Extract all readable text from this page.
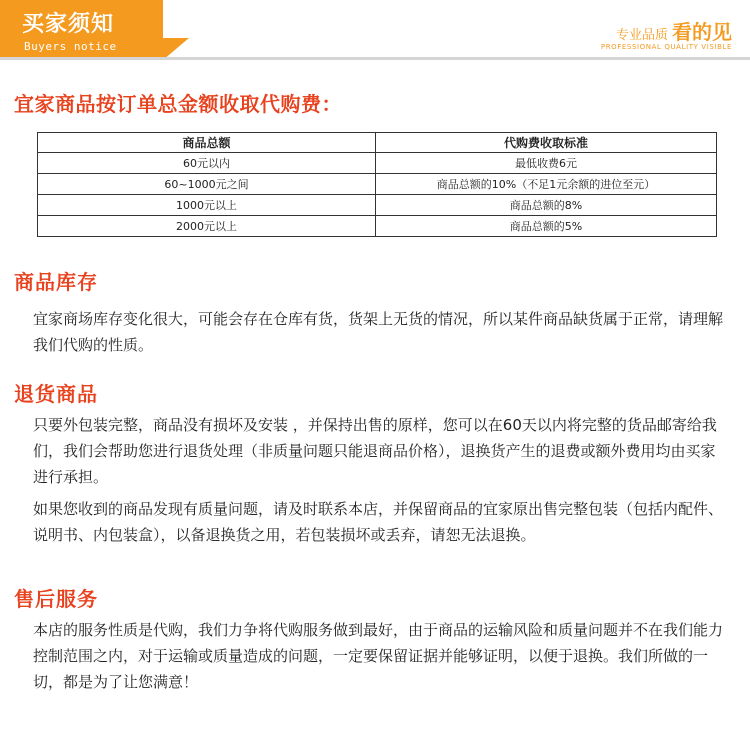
买家须知
Buyers notice
专业品质 看的见
PROFESSIONAL QUALITY VISIBLE
宜家商品按订单总金额收取代购费：
商品总额	代购费收取标准
60元以内	最低收费6元
60~1000元之间	商品总额的10%（不足1元余额的进位至元）
1000元以上	商品总额的8%
2000元以上	商品总额的5%
商品库存

宜家商场库存变化很大，可能会存在仓库有货，货架上无货的情况，所以某件商品缺货属于正常，请理解我们代购的性质。

退货商品

只要外包装完整，商品没有损坏及安装 ，并保持出售的原样，您可以在60天以内将完整的货品邮寄给我们，我们会帮助您进行退货处理（非质量问题只能退商品价格），退换货产生的退费或额外费用均由买家进行承担。

如果您收到的商品发现有质量问题，请及时联系本店，并保留商品的宜家原出售完整包装（包括内配件、说明书、内包装盒），以备退换货之用，若包装损坏或丢弃，请恕无法退换。

售后服务

本店的服务性质是代购，我们力争将代购服务做到最好，由于商品的运输风险和质量问题并不在我们能力控制范围之内，对于运输或质量造成的问题，一定要保留证据并能够证明，以便于退换。我们所做的一切，都是为了让您满意！
